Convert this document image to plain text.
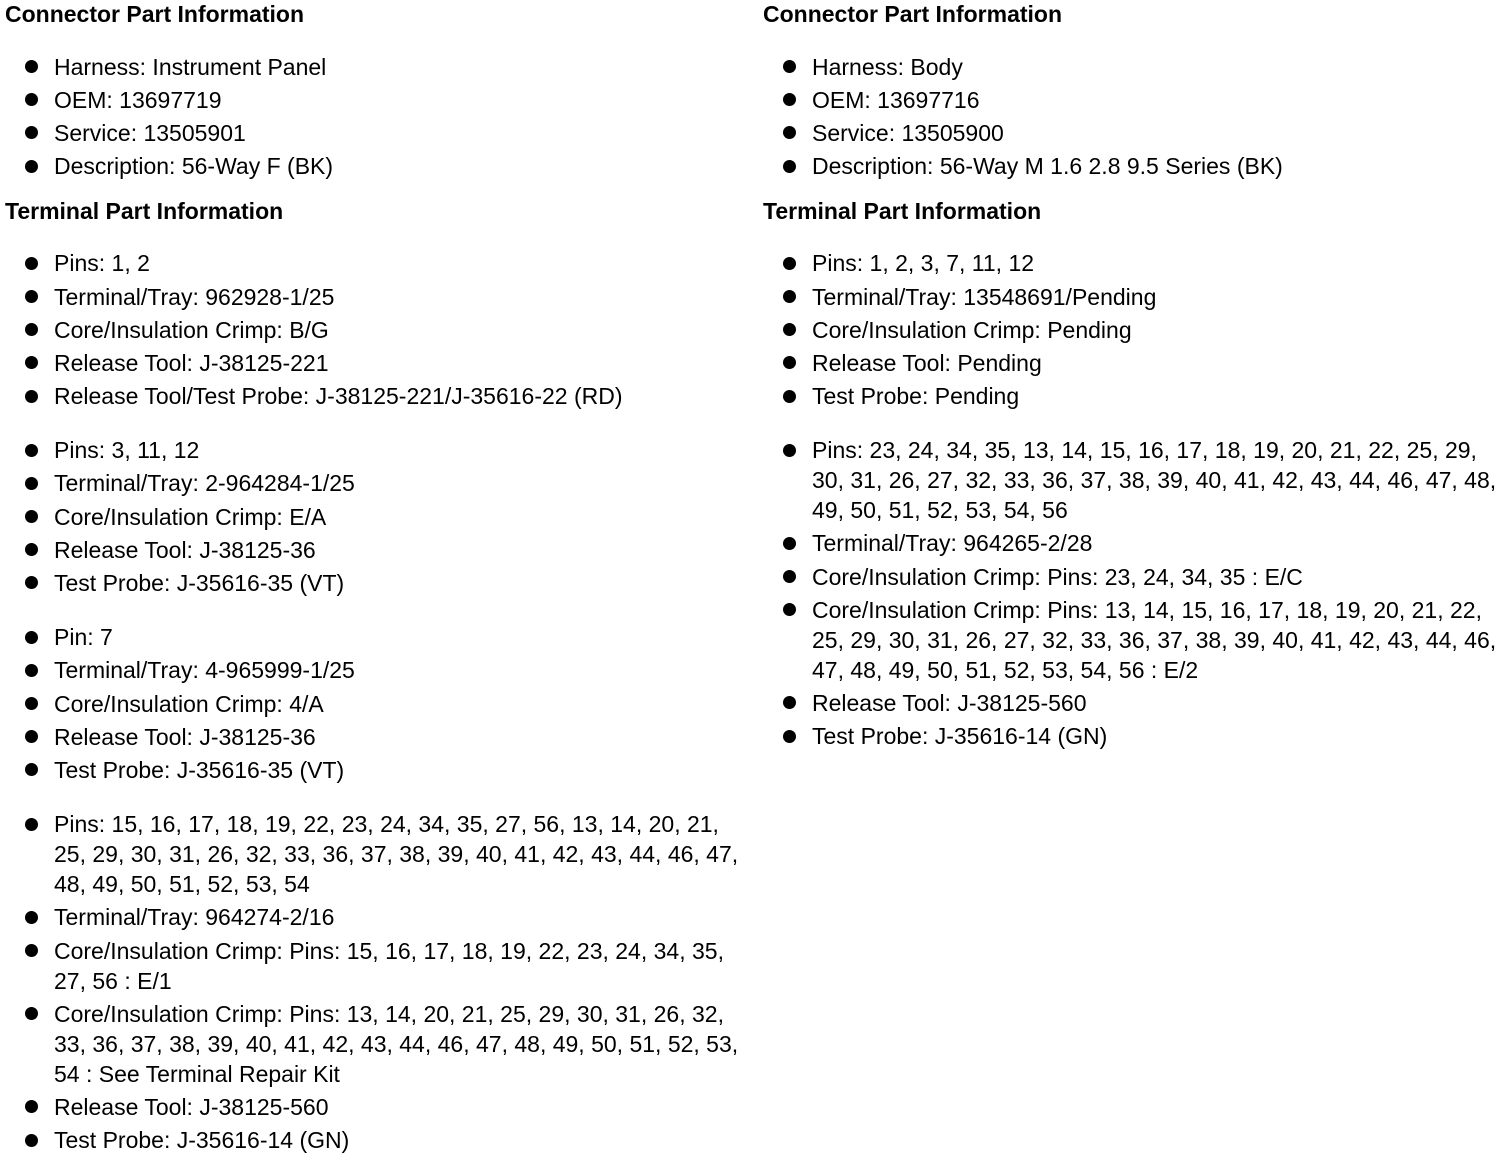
Connector Part Information
Harness: Instrument Panel
OEM: 13697719
Service: 13505901
Description: 56-Way F (BK)
Terminal Part Information
Pins: 1, 2
Terminal/Tray: 962928-1/25
Core/Insulation Crimp: B/G
Release Tool: J-38125-221
Release Tool/Test Probe: J-38125-221/J-35616-22 (RD)
Pins: 3, 11, 12
Terminal/Tray: 2-964284-1/25
Core/Insulation Crimp: E/A
Release Tool: J-38125-36
Test Probe: J-35616-35 (VT)
Pin: 7
Terminal/Tray: 4-965999-1/25
Core/Insulation Crimp: 4/A
Release Tool: J-38125-36
Test Probe: J-35616-35 (VT)
Pins: 15, 16, 17, 18, 19, 22, 23, 24, 34, 35, 27, 56, 13, 14, 20, 21, 25, 29, 30, 31, 26, 32, 33, 36, 37, 38, 39, 40, 41, 42, 43, 44, 46, 47, 48, 49, 50, 51, 52, 53, 54
Terminal/Tray: 964274-2/16
Core/Insulation Crimp: Pins: 15, 16, 17, 18, 19, 22, 23, 24, 34, 35, 27, 56 : E/1
Core/Insulation Crimp: Pins: 13, 14, 20, 21, 25, 29, 30, 31, 26, 32, 33, 36, 37, 38, 39, 40, 41, 42, 43, 44, 46, 47, 48, 49, 50, 51, 52, 53, 54 : See Terminal Repair Kit
Release Tool: J-38125-560
Test Probe: J-35616-14 (GN)
Connector Part Information
Harness: Body
OEM: 13697716
Service: 13505900
Description: 56-Way M 1.6 2.8 9.5 Series (BK)
Terminal Part Information
Pins: 1, 2, 3, 7, 11, 12
Terminal/Tray: 13548691/Pending
Core/Insulation Crimp: Pending
Release Tool: Pending
Test Probe: Pending
Pins: 23, 24, 34, 35, 13, 14, 15, 16, 17, 18, 19, 20, 21, 22, 25, 29, 30, 31, 26, 27, 32, 33, 36, 37, 38, 39, 40, 41, 42, 43, 44, 46, 47, 48, 49, 50, 51, 52, 53, 54, 56
Terminal/Tray: 964265-2/28
Core/Insulation Crimp: Pins: 23, 24, 34, 35 : E/C
Core/Insulation Crimp: Pins: 13, 14, 15, 16, 17, 18, 19, 20, 21, 22, 25, 29, 30, 31, 26, 27, 32, 33, 36, 37, 38, 39, 40, 41, 42, 43, 44, 46, 47, 48, 49, 50, 51, 52, 53, 54, 56 : E/2
Release Tool: J-38125-560
Test Probe: J-35616-14 (GN)
